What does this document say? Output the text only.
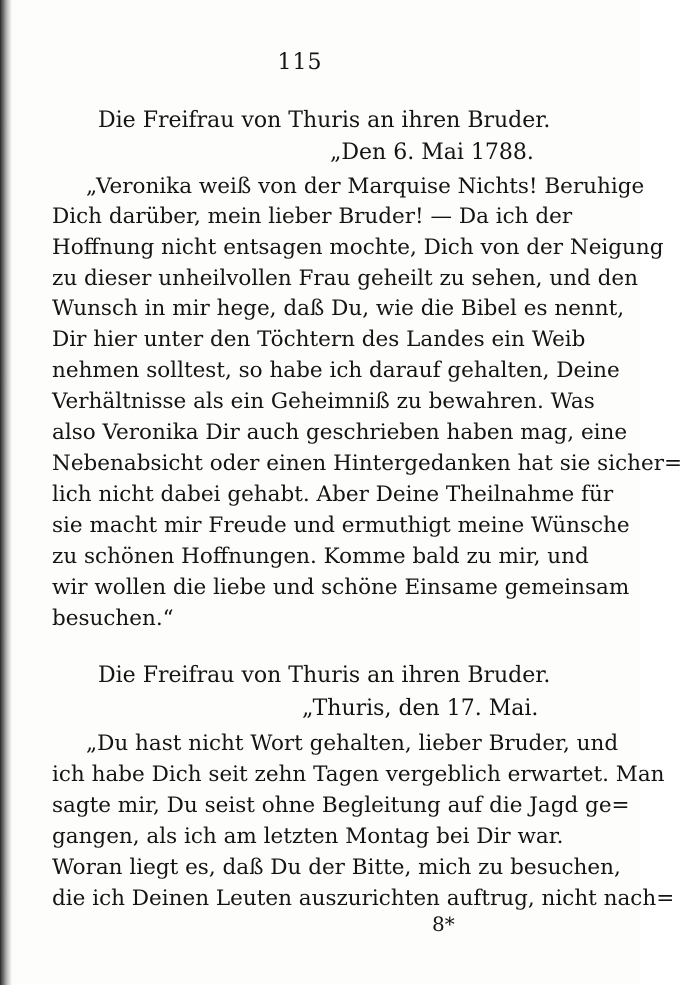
115
Die Freifrau von Thuris an ihren Bruder.
„Den 6. Mai 1788.
„Veronika weiß von der Marquise Nichts! Beruhige
Dich darüber, mein lieber Bruder! — Da ich der
Hoffnung nicht entsagen mochte, Dich von der Neigung
zu dieser unheilvollen Frau geheilt zu sehen, und den
Wunsch in mir hege, daß Du, wie die Bibel es nennt,
Dir hier unter den Töchtern des Landes ein Weib
nehmen solltest, so habe ich darauf gehalten, Deine
Verhältnisse als ein Geheimniß zu bewahren. Was
also Veronika Dir auch geschrieben haben mag, eine
Nebenabsicht oder einen Hintergedanken hat sie sicher=
lich nicht dabei gehabt. Aber Deine Theilnahme für
sie macht mir Freude und ermuthigt meine Wünsche
zu schönen Hoffnungen. Komme bald zu mir, und
wir wollen die liebe und schöne Einsame gemeinsam
besuchen.“
Die Freifrau von Thuris an ihren Bruder.
„Thuris, den 17. Mai.
„Du hast nicht Wort gehalten, lieber Bruder, und
ich habe Dich seit zehn Tagen vergeblich erwartet. Man
sagte mir, Du seist ohne Begleitung auf die Jagd ge=
gangen, als ich am letzten Montag bei Dir war.
Woran liegt es, daß Du der Bitte, mich zu besuchen,
die ich Deinen Leuten auszurichten auftrug, nicht nach=
8*
